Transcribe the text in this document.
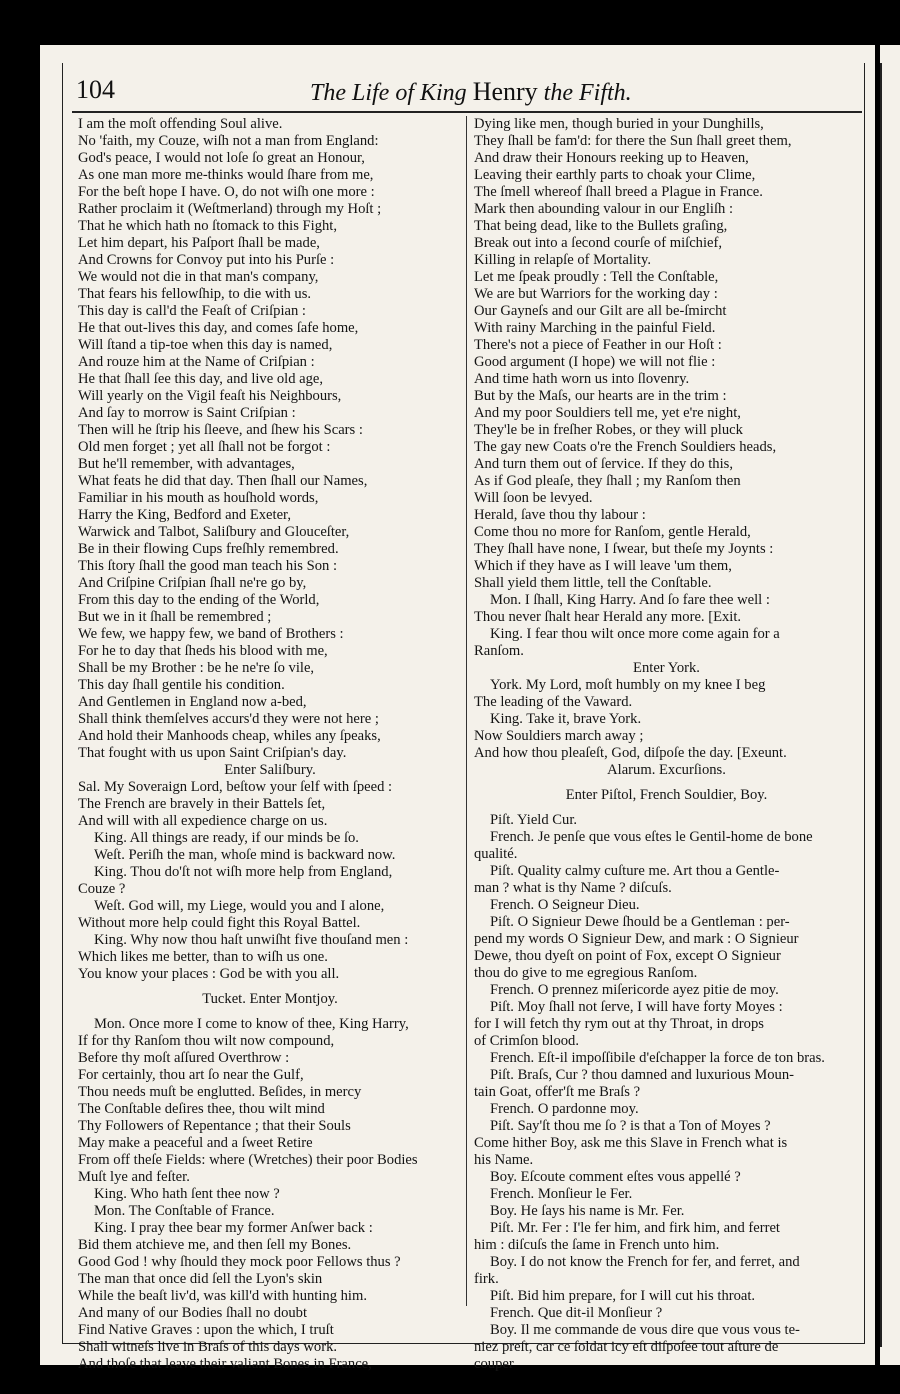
104	The Life of King Henry the Fifth.
I am the moſt offending Soul alive.
No 'faith, my Couze, wiſh not a man from England:
God's peace, I would not loſe ſo great an Honour,
As one man more me-thinks would ſhare from me,
For the beſt hope I have. O, do not wiſh one more :
Rather proclaim it (Weſtmerland) through my Hoſt ;
That he which hath no ſtomack to this Fight,
Let him depart, his Paſport ſhall be made,
And Crowns for Convoy put into his Purſe :
We would not die in that man's company,
That fears his fellowſhip, to die with us.
This day is call'd the Feaſt of Criſpian :
He that out-lives this day, and comes ſafe home,
Will ſtand a tip-toe when this day is named,
And rouze him at the Name of Criſpian :
He that ſhall ſee this day, and live old age,
Will yearly on the Vigil feaſt his Neighbours,
And ſay to morrow is Saint Criſpian :
Then will he ſtrip his ſleeve, and ſhew his Scars :
Old men forget ; yet all ſhall not be forgot :
But he'll remember, with advantages,
What feats he did that day. Then ſhall our Names,
Familiar in his mouth as houſhold words,
Harry the King, Bedford and Exeter,
Warwick and Talbot, Saliſbury and Glouceſter,
Be in their flowing Cups freſhly remembred.
This ſtory ſhall the good man teach his Son :
And Criſpine Criſpian ſhall ne're go by,
From this day to the ending of the World,
But we in it ſhall be remembred ;
We few, we happy few, we band of Brothers :
For he to day that ſheds his blood with me,
Shall be my Brother : be he ne're ſo vile,
This day ſhall gentile his condition.
And Gentlemen in England now a-bed,
Shall think themſelves accurs'd they were not here ;
And hold their Manhoods cheap, whiles any ſpeaks,
That fought with us upon Saint Criſpian's day.
Enter Saliſbury.
Sal. My Soveraign Lord, beſtow your ſelf with ſpeed :
The French are bravely in their Battels ſet,
And will with all expedience charge on us.
King. All things are ready, if our minds be ſo.
Weſt. Periſh the man, whoſe mind is backward now.
King. Thou do'ſt not wiſh more help from England,
Couze ?
Weſt. God will, my Liege, would you and I alone,
Without more help could fight this Royal Battel.
King. Why now thou haſt unwiſht five thouſand men :
Which likes me better, than to wiſh us one.
You know your places : God be with you all.
Tucket. Enter Montjoy.
Mon. Once more I come to know of thee, King Harry,
If for thy Ranſom thou wilt now compound,
Before thy moſt aſſured Overthrow :
For certainly, thou art ſo near the Gulf,
Thou needs muſt be englutted. Beſides, in mercy
The Conſtable deſires thee, thou wilt mind
Thy Followers of Repentance ; that their Souls
May make a peaceful and a ſweet Retire
From off theſe Fields: where (Wretches) their poor Bodies
Muſt lye and feſter.
King. Who hath ſent thee now ?
Mon. The Conſtable of France.
King. I pray thee bear my former Anſwer back :
Bid them atchieve me, and then ſell my Bones.
Good God ! why ſhould they mock poor Fellows thus ?
The man that once did ſell the Lyon's skin
While the beaſt liv'd, was kill'd with hunting him.
And many of our Bodies ſhall no doubt
Find Native Graves : upon the which, I truſt
Shall witneſs live in Braſs of this days work.
And thoſe that leave their valiant Bones in France,
Dying like men, though buried in your Dunghills,
They ſhall be fam'd: for there the Sun ſhall greet them,
And draw their Honours reeking up to Heaven,
Leaving their earthly parts to choak your Clime,
The ſmell whereof ſhall breed a Plague in France.
Mark then abounding valour in our Engliſh :
That being dead, like to the Bullets graſing,
Break out into a ſecond courſe of miſchief,
Killing in relapſe of Mortality.
Let me ſpeak proudly : Tell the Conſtable,
We are but Warriors for the working day :
Our Gayneſs and our Gilt are all be-ſmircht
With rainy Marching in the painful Field.
There's not a piece of Feather in our Hoſt :
Good argument (I hope) we will not flie :
And time hath worn us into ſlovenry.
But by the Maſs, our hearts are in the trim :
And my poor Souldiers tell me, yet e're night,
They'le be in freſher Robes, or they will pluck
The gay new Coats o're the French Souldiers heads,
And turn them out of ſervice. If they do this,
As if God pleaſe, they ſhall ; my Ranſom then
Will ſoon be levyed.
Herald, ſave thou thy labour :
Come thou no more for Ranſom, gentle Herald,
They ſhall have none, I ſwear, but theſe my Joynts :
Which if they have as I will leave 'um them,
Shall yield them little, tell the Conſtable.
Mon. I ſhall, King Harry. And ſo fare thee well :
Thou never ſhalt hear Herald any more. [Exit.
King. I fear thou wilt once more come again for a
Ranſom.
Enter York.
York. My Lord, moſt humbly on my knee I beg
The leading of the Vaward.
King. Take it, brave York.
Now Souldiers march away ;
And how thou pleaſeſt, God, diſpoſe the day. [Exeunt.
Alarum. Excurſions.
Enter Piſtol, French Souldier, Boy.
Piſt. Yield Cur.
French. Je penſe que vous eſtes le Gentil-home de bone
qualité.
Piſt. Quality calmy cuſture me. Art thou a Gentle-
man ? what is thy Name ? diſcuſs.
French. O Seigneur Dieu.
Piſt. O Signieur Dewe ſhould be a Gentleman : per-
pend my words O Signieur Dew, and mark : O Signieur
Dewe, thou dyeſt on point of Fox, except O Signieur
thou do give to me egregious Ranſom.
French. O prennez miſericorde ayez pitie de moy.
Piſt. Moy ſhall not ſerve, I will have forty Moyes :
for I will fetch thy rym out at thy Throat, in drops
of Crimſon blood.
French. Eſt-il impoſſibile d'eſchapper la force de ton bras.
Piſt. Braſs, Cur ? thou damned and luxurious Moun-
tain Goat, offer'ſt me Braſs ?
French. O pardonne moy.
Piſt. Say'ſt thou me ſo ? is that a Ton of Moyes ?
Come hither Boy, ask me this Slave in French what is
his Name.
Boy. Eſcoute comment eſtes vous appellé ?
French. Monſieur le Fer.
Boy. He ſays his name is Mr. Fer.
Piſt. Mr. Fer : I'le fer him, and firk him, and ferret
him : diſcuſs the ſame in French unto him.
Boy. I do not know the French for fer, and ferret, and
firk.
Piſt. Bid him prepare, for I will cut his throat.
French. Que dit-il Monſieur ?
Boy. Il me commande de vous dire que vous vous te-
niez preſt, car ce ſoldat icy eſt diſpoſee tout aſture de
couper
